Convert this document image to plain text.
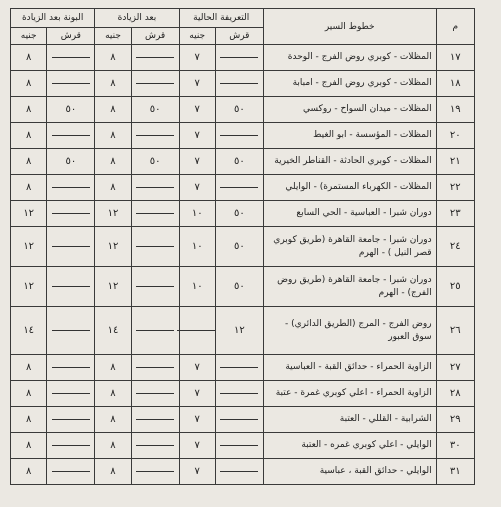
م	خطوط السير	التعريفة الحالية		بعد الزيادة		البونة بعد الزيادة	
		قرش	جنيه	قرش	جنيه	قرش	جنيه
١٧	المظلات - كوبري روض الفرج - الوحدة		٧		٨		٨
١٨	المظلات - كوبري روض الفرج - امبابة		٧		٨		٨
١٩	المظلات - ميدان السواح - روكسي	٥٠	٧	٥٠	٨	٥٠	٨
٢٠	المظلات - المؤسسة - ابو الغيط		٧		٨		٨
٢١	المظلات - كوبري الحادثة - القناطر الخيرية	٥٠	٧	٥٠	٨	٥٠	٨
٢٢	المظلات - الكهرباء المستمرة) - الوايلي		٧		٨		٨
٢٣	دوران شبرا - العباسية - الحي السابع	٥٠	١٠		١٢		١٢
٢٤	دوران شبرا - جامعة القاهرة (طريق كوبري قصر النيل ) - الهرم	٥٠	١٠		١٢		١٢
٢٥	دوران شبرا - جامعة القاهرة (طريق روض الفرج) - الهرم	٥٠	١٠		١٢		١٢
٢٦	روض الفرج - المرج (الطريق الدائري) - سوق العبور	١٢			١٤		١٤
٢٧	الزاوية الحمراء - حدائق القبة - العباسية		٧		٨		٨
٢٨	الزاوية الحمراء - اعلي كوبري غمرة - عتبة		٧		٨		٨
٢٩	الشرابية - القللي - العتبة		٧		٨		٨
٣٠	الوايلي - اعلي كوبري غمره - العتبة		٧		٨		٨
٣١	الوايلي - حدائق القبة ، عباسية		٧		٨		٨
